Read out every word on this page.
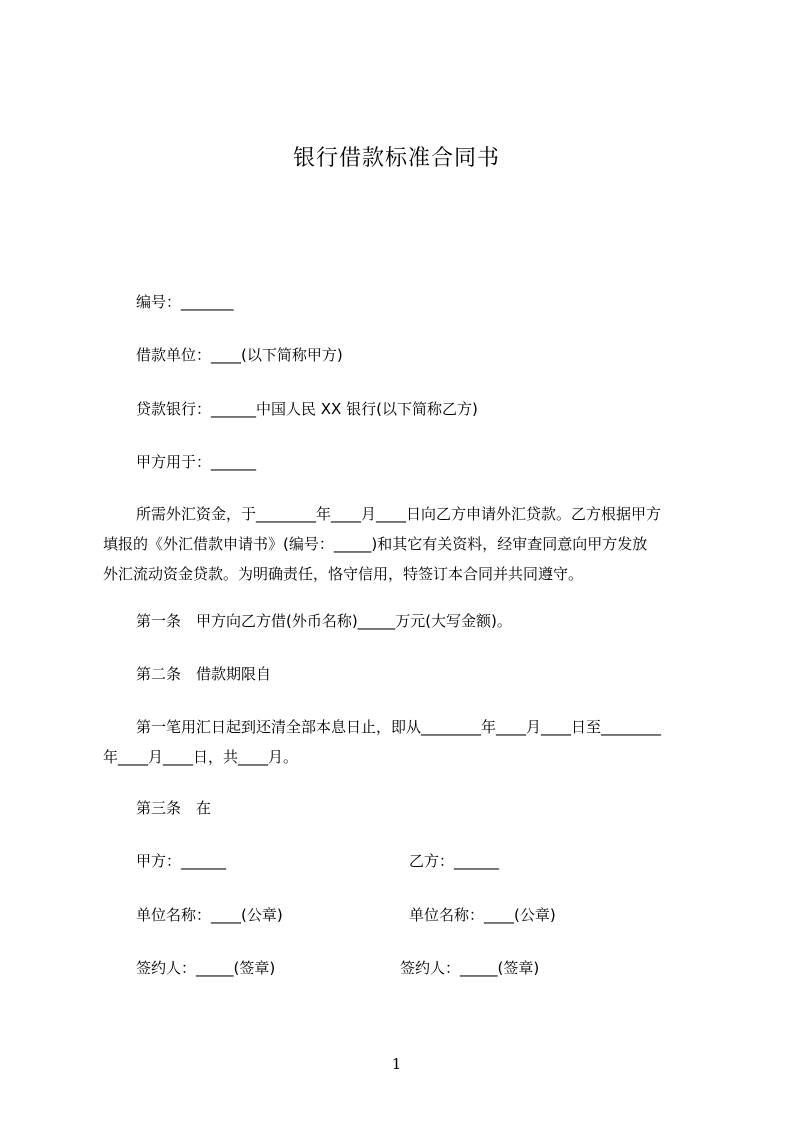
银行借款标准合同书
编号：_______
借款单位：____(以下简称甲方)
贷款银行：______中国人民 XX 银行(以下简称乙方)
甲方用于：______
所需外汇资金，于________年____月____日向乙方申请外汇贷款。乙方根据甲方
填报的《外汇借款申请书》(编号：_____)和其它有关资料，经审查同意向甲方发放
外汇流动资金贷款。为明确责任，恪守信用，特签订本合同并共同遵守。
第一条　甲方向乙方借(外币名称)_____万元(大写金额)。
第二条　借款期限自
第一笔用汇日起到还清全部本息日止，即从________年____月____日至________
年____月____日，共____月。
第三条　在
甲方：______	乙方：______
单位名称：____(公章)	单位名称：____(公章)
签约人：_____(签章)	签约人：_____(签章)
1
